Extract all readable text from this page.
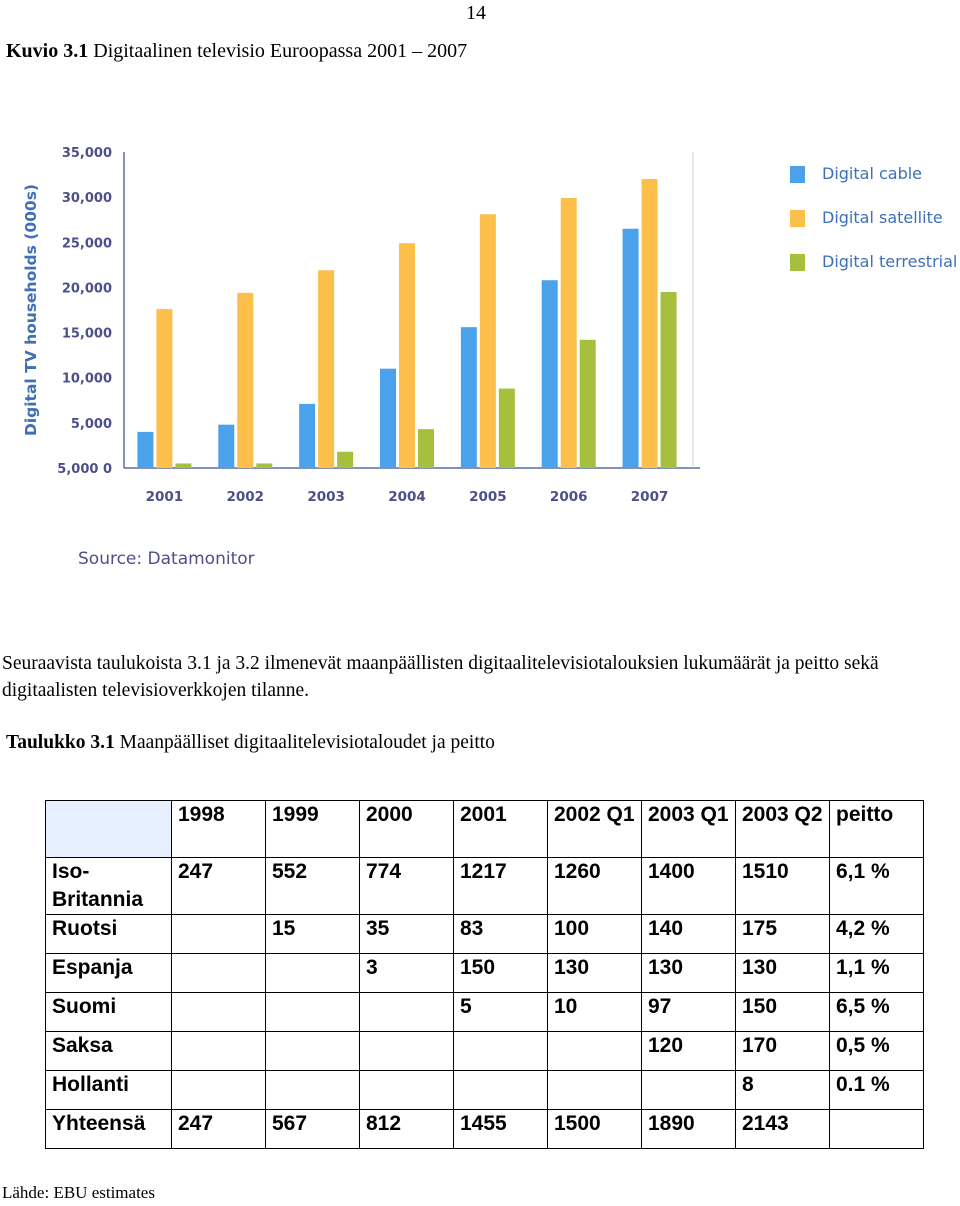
14
Kuvio 3.1 Digitaalinen televisio Euroopassa 2001 – 2007
35,000
30,000
25,000
20,000
15,000
10,000
5,000
5,000 0
Digital TV households (000s)
2001	2002	2003	2004	2005	2006	2007
Digital cable
Digital satellite
Digital terrestrial
Source: Datamonitor
Seuraavista taulukoista 3.1 ja 3.2 ilmenevät maanpäällisten digitaalitelevisiotalouksien lukumäärät ja peitto sekä digitaalisten televisioverkkojen tilanne.
Taulukko 3.1 Maanpäälliset digitaalitelevisiotaloudet ja peitto
	1998	1999	2000	2001	2002 Q1	2003 Q1	2003 Q2	peitto
Iso-Britannia	247	552	774	1217	1260	1400	1510	6,1 %
Ruotsi		15	35	83	100	140	175	4,2 %
Espanja			3	150	130	130	130	1,1 %
Suomi				5	10	97	150	6,5 %
Saksa						120	170	0,5 %
Hollanti							8	0.1 %
Yhteensä	247	567	812	1455	1500	1890	2143	
Lähde: EBU estimates
